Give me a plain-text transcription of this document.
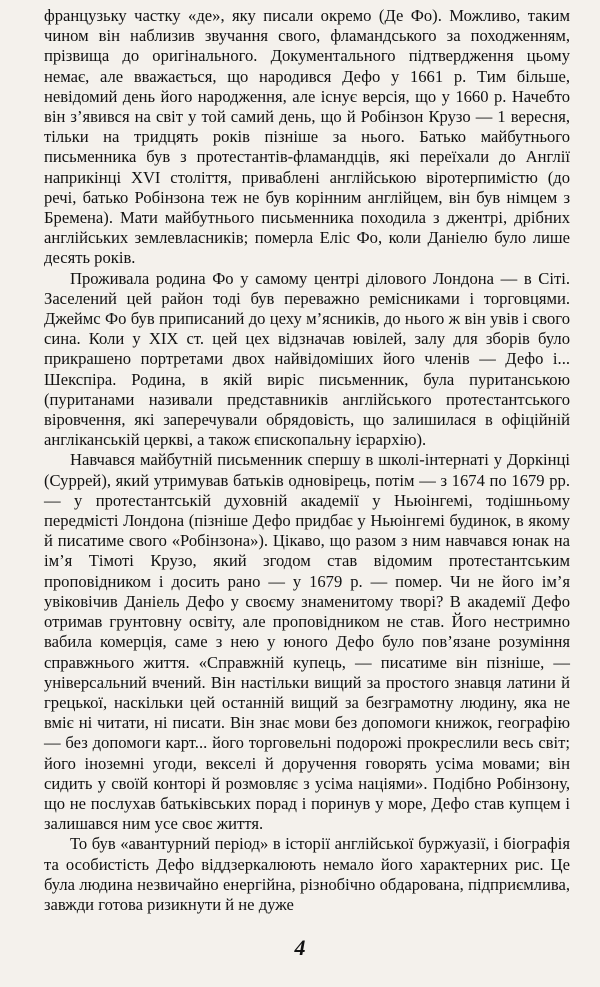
французьку частку «де», яку писали окремо (Де Фо). Можливо, таким чином він наблизив звучання свого, фламандського за походженням, прізвища до оригінального. Документального підтвердження цьому немає, але вважається, що народився Дефо у 1661 р. Тим більше, невідомий день його народження, але існує версія, що у 1660 р. Начебто він з’явився на світ у той самий день, що й Робінзон Крузо — 1 вересня, тільки на тридцять років пізніше за нього. Батько майбутнього письменника був з протестантів-фламандців, які переїхали до Англії наприкінці XVI століття, приваблені англійською віротерпимістю (до речі, батько Робінзона теж не був корінним англійцем, він був німцем з Бремена). Мати майбутнього письменника походила з джентрі, дрібних англійських землевласників; померла Еліс Фо, коли Даніелю було лише десять років.

Проживала родина Фо у самому центрі ділового Лондона — в Сіті. Заселений цей район тоді був переважно ремісниками і торговцями. Джеймс Фо був приписаний до цеху м’ясників, до нього ж він увів і свого сина. Коли у XIX ст. цей цех відзначав ювілей, залу для зборів було прикрашено портретами двох найвідоміших його членів — Дефо і... Шекспіра. Родина, в якій виріс письменник, була пуританською (пуританами називали представників англійського протестантського віровчення, які заперечували обрядовість, що залишилася в офіційній англіканській церкві, а також єпископальну ієрархію).

Навчався майбутній письменник спершу в школі-інтернаті у Доркінці (Суррей), який утримував батьків одновірець, потім — з 1674 по 1679 рр. — у протестантській духовній академії у Ньюінгемі, тодішньому передмісті Лондона (пізніше Дефо придбає у Ньюінгемі будинок, в якому й писатиме свого «Робінзона»). Цікаво, що разом з ним навчався юнак на ім’я Тімоті Крузо, який згодом став відомим протестантським проповідником і досить рано — у 1679 р. — помер. Чи не його ім’я увіковічив Даніель Дефо у своєму знаменитому творі? В академії Дефо отримав грунтовну освіту, але проповідником не став. Його нестримно вабила комерція, саме з нею у юного Дефо було пов’язане розуміння справжнього життя. «Справжній купець, — писатиме він пізніше, — універсальний вчений. Він настільки вищий за простого знавця латини й грецької, наскільки цей останній вищий за безграмотну людину, яка не вміє ні читати, ні писати. Він знає мови без допомоги книжок, географію — без допомоги карт... його торговельні подорожі прокреслили весь світ; його іноземні угоди, векселі й доручення говорять усіма мовами; він сидить у своїй конторі й розмовляє з усіма націями». Подібно Робінзону, що не послухав батьківських порад і поринув у море, Дефо став купцем і залишався ним усе своє життя.

То був «авантурний період» в історії англійської буржуазії, і біографія та особистість Дефо віддзеркалюють немало його характерних рис. Це була людина незвичайно енергійна, різнобічно обдарована, підприємлива, завжди готова ризикнути й не дуже

4
